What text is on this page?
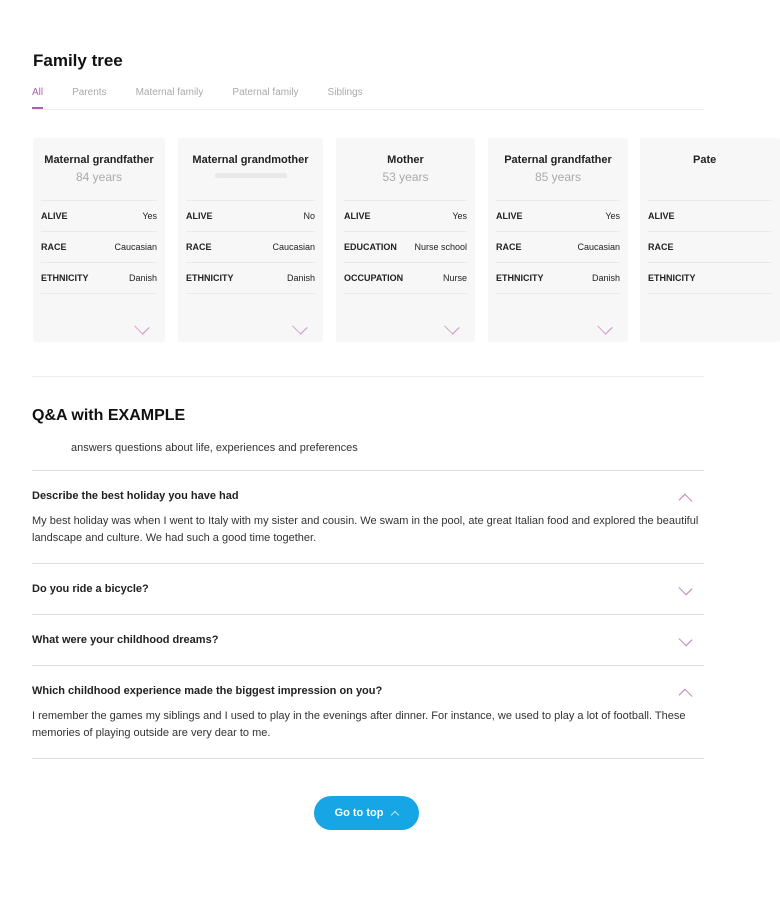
Family tree
All	Parents	Maternal family	Paternal family	Siblings
Maternal grandfather
84 years
ALIVE	Yes
RACE	Caucasian
ETHNICITY	Danish
Maternal grandmother
ALIVE	No
RACE	Caucasian
ETHNICITY	Danish
Mother
53 years
ALIVE	Yes
EDUCATION Nurse school
OCCUPATION	Nurse
Paternal grandfather
85 years
ALIVE	Yes
RACE	Caucasian
ETHNICITY	Danish
Pate
ALIVE
RACE
ETHNICITY
Q&A with EXAMPLE
answers questions about life, experiences and preferences
Describe the best holiday you have had
My best holiday was when I went to Italy with my sister and cousin. We swam in the pool, ate great Italian food and explored the beautiful landscape and culture. We had such a good time together.
Do you ride a bicycle?
What were your childhood dreams?
Which childhood experience made the biggest impression on you?
I remember the games my siblings and I used to play in the evenings after dinner. For instance, we used to play a lot of football. These memories of playing outside are very dear to me.
Go to top
